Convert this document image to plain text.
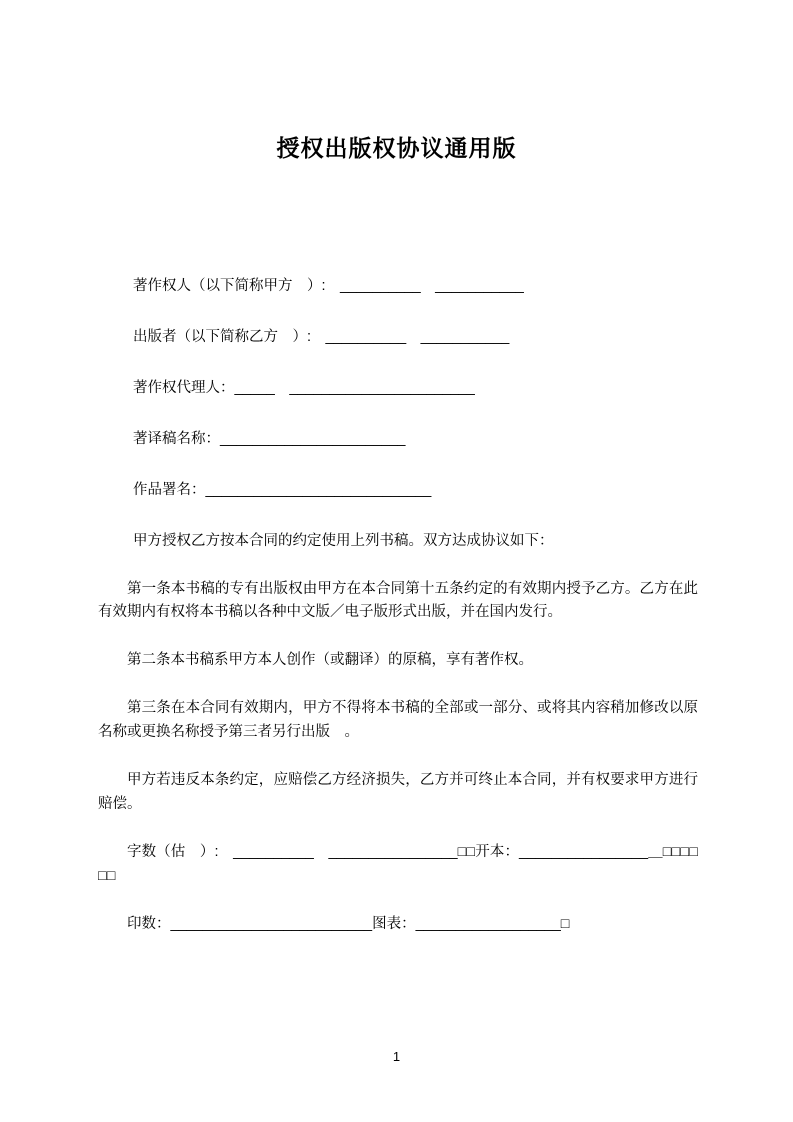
授权出版权协议通用版

著作权人（以下简称甲方　）:　__________　___________

出版者（以下简称乙方　）:　__________　___________

著作权代理人：_____　_______________________

著译稿名称：_______________________

作品署名：____________________________

甲方授权乙方按本合同的约定使用上列书稿。双方达成协议如下：

第一条本书稿的专有出版权由甲方在本合同第十五条约定的有效期内授予乙方。乙方在此有效期内有权将本书稿以各种中文版／电子版形式出版，并在国内发行。

第二条本书稿系甲方本人创作（或翻译）的原稿，享有著作权。

第三条在本合同有效期内，甲方不得将本书稿的全部或一部分、或将其内容稍加修改以原名称或更换名称授予第三者另行出版　。

甲方若违反本条约定，应赔偿乙方经济损失，乙方并可终止本合同，并有权要求甲方进行赔偿。

字数（估　）:　__________　________________□□开本：________________＿□□□□□□

印数：_________________________图表：__________________□

1
